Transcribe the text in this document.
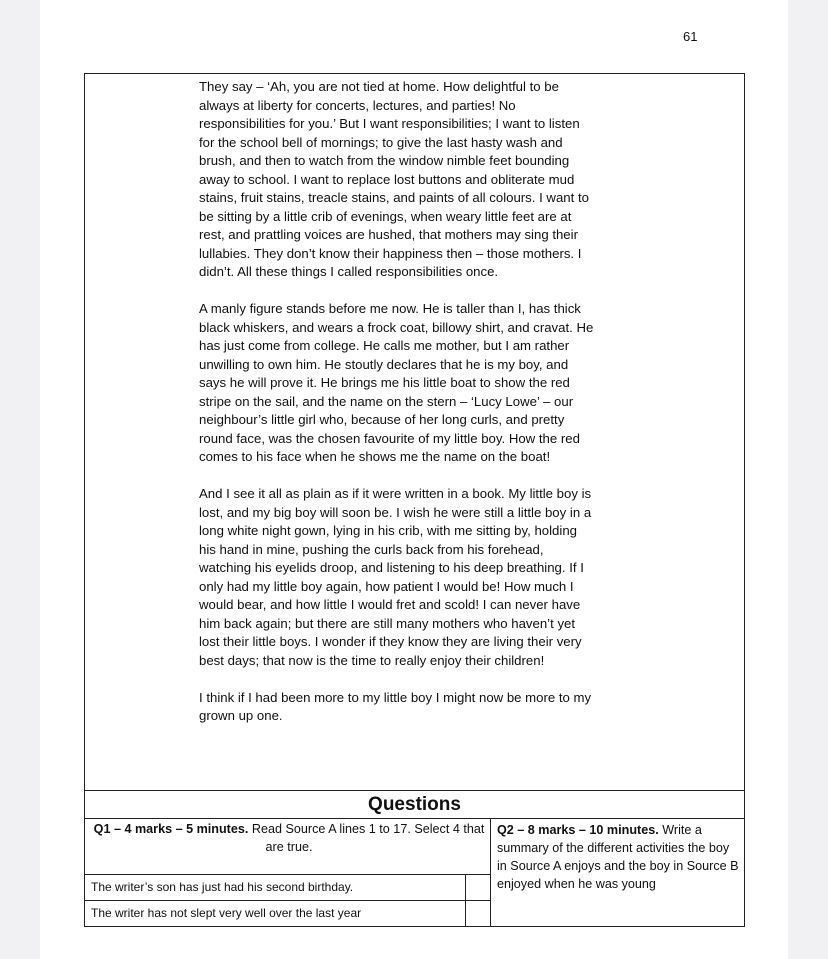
61

They say – ‘Ah, you are not tied at home. How delightful to be always at liberty for concerts, lectures, and parties! No responsibilities for you.’ But I want responsibilities; I want to listen for the school bell of mornings; to give the last hasty wash and brush, and then to watch from the window nimble feet bounding away to school. I want to replace lost buttons and obliterate mud stains, fruit stains, treacle stains, and paints of all colours. I want to be sitting by a little crib of evenings, when weary little feet are at rest, and prattling voices are hushed, that mothers may sing their lullabies. They don’t know their happiness then – those mothers. I didn’t. All these things I called responsibilities once.

A manly figure stands before me now. He is taller than I, has thick black whiskers, and wears a frock coat, billowy shirt, and cravat. He has just come from college. He calls me mother, but I am rather unwilling to own him. He stoutly declares that he is my boy, and says he will prove it. He brings me his little boat to show the red stripe on the sail, and the name on the stern – ‘Lucy Lowe’ – our neighbour’s little girl who, because of her long curls, and pretty round face, was the chosen favourite of my little boy. How the red comes to his face when he shows me the name on the boat!

And I see it all as plain as if it were written in a book. My little boy is lost, and my big boy will soon be. I wish he were still a little boy in a long white night gown, lying in his crib, with me sitting by, holding his hand in mine, pushing the curls back from his forehead, watching his eyelids droop, and listening to his deep breathing. If I only had my little boy again, how patient I would be! How much I would bear, and how little I would fret and scold! I can never have him back again; but there are still many mothers who haven’t yet lost their little boys. I wonder if they know they are living their very best days; that now is the time to really enjoy their children!

I think if I had been more to my little boy I might now be more to my grown up one.

Questions
Q1 – 4 marks – 5 minutes. Read Source A lines 1 to 17. Select 4 that are true.
The writer’s son has just had his second birthday.
The writer has not slept very well over the last year
Q2 – 8 marks – 10 minutes. Write a summary of the different activities the boy in Source A enjoys and the boy in Source B enjoyed when he was young
